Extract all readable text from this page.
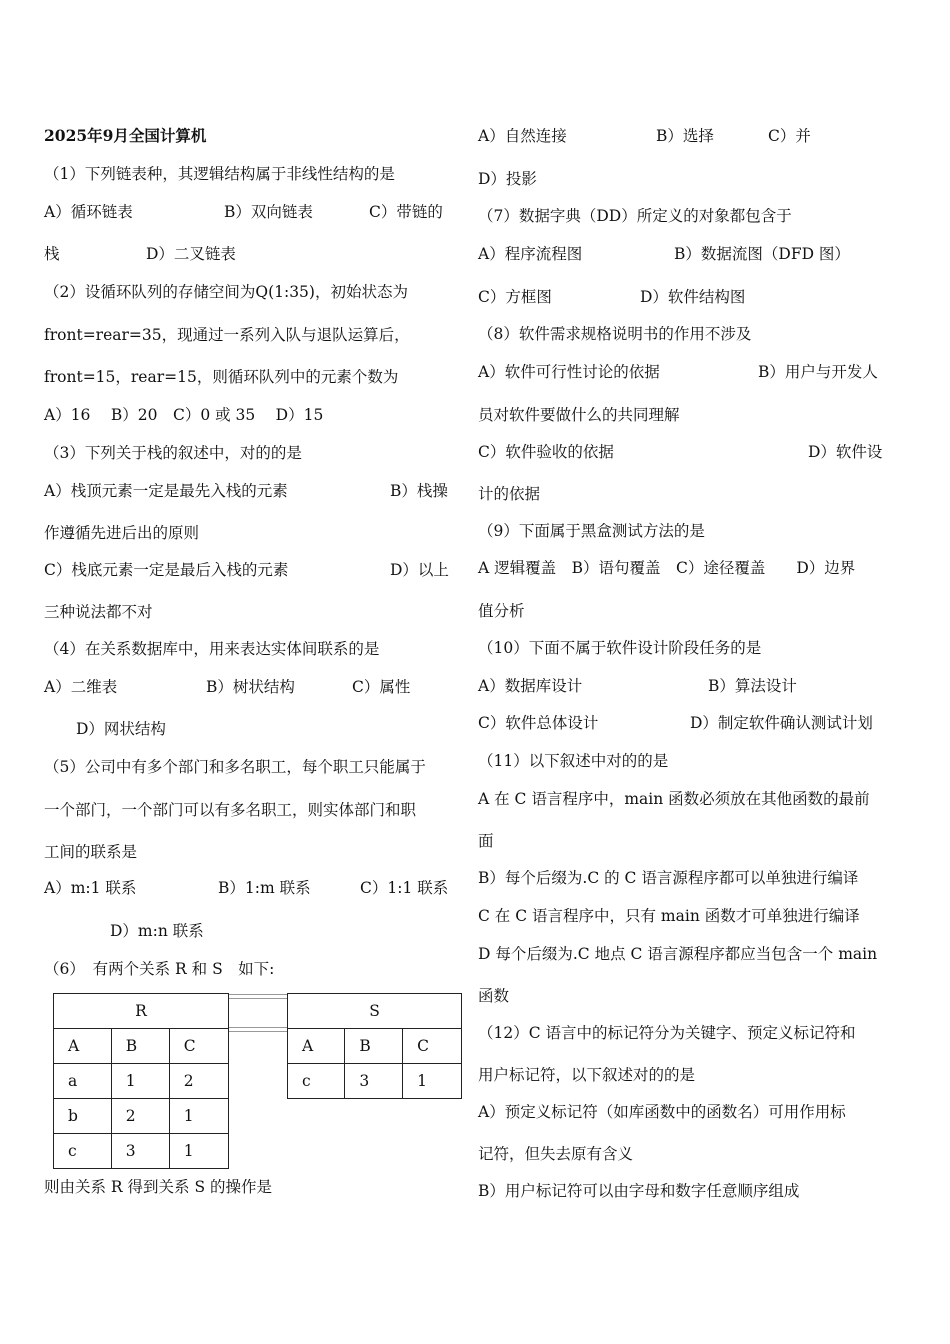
2025年9月全国计算机
（1）下列链表种，其逻辑结构属于非线性结构的是
A）循环链表	B）双向链表	C）带链的
栈	D）二叉链表
（2）设循环队列的存储空间为Q(1:35)，初始状态为
front=rear=35，现通过一系列入队与退队运算后，
front=15，rear=15，则循环队列中的元素个数为
A）16　 B）20　C）0 或 35　 D）15
（3）下列关于栈的叙述中，对的的是
A）栈顶元素一定是最先入栈的元素	B）栈操
作遵循先进后出的原则
C）栈底元素一定是最后入栈的元素	D）以上
三种说法都不对
（4）在关系数据库中，用来表达实体间联系的是
A）二维表	B）树状结构	C）属性
D）网状结构
（5）公司中有多个部门和多名职工，每个职工只能属于
一个部门，一个部门可以有多名职工，则实体部门和职
工间的联系是
A）m:1 联系	B）1:m 联系	C）1:1 联系
D）m:n 联系
（6）　有两个关系 R 和 S　如下:
则由关系 R 得到关系 S 的操作是
R		
A	B	C
a	1	2
b	2	1
c	3	1
S		
A	B	C
c	3	1
A）自然连接	B）选择	C）并
D）投影
（7）数据字典（DD）所定义的对象都包含于
A）程序流程图	B）数据流图（DFD 图）
C）方框图	D）软件结构图
（8）软件需求规格说明书的作用不涉及
A）软件可行性讨论的依据	B）用户与开发人
员对软件要做什么的共同理解
C）软件验收的依据	D）软件设
计的依据
（9）下面属于黑盒测试方法的是
A 逻辑覆盖　B）语句覆盖　C）途径覆盖　　D）边界
值分析
（10）下面不属于软件设计阶段任务的是
A）数据库设计	B）算法设计
C）软件总体设计	D）制定软件确认测试计划
（11）以下叙述中对的的是
A 在 C 语言程序中，main 函数必须放在其他函数的最前
面
B）每个后缀为.C 的 C 语言源程序都可以单独进行编译
C 在 C 语言程序中，只有 main 函数才可单独进行编译
D 每个后缀为.C 地点 C 语言源程序都应当包含一个 main
函数
（12）C 语言中的标记符分为关键字、预定义标记符和
用户标记符，以下叙述对的的是
A）预定义标记符（如库函数中的函数名）可用作用标
记符，但失去原有含义
B）用户标记符可以由字母和数字任意顺序组成
